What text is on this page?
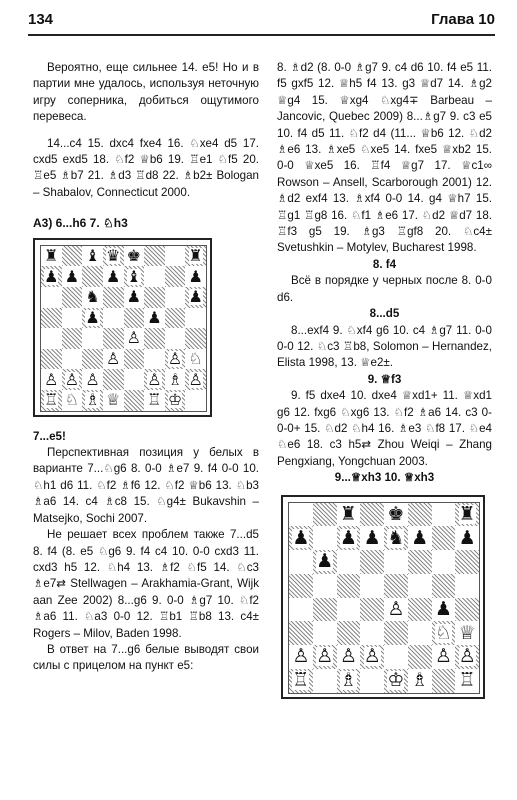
134	Глава 10

Вероятно, еще сильнее 14. е5! Но и в партии мне удалось, используя неточную игру соперника, добиться ощутимого перевеса.

14...c4 15. dxc4 fxe4 16. ♘xe4 d5 17. cxd5 exd5 18. ♘f2 ♕b6 19. ♖e1 ♘f5 20. ♖e5 ♗b7 21. ♗d3 ♖d8 22. ♗b2± Bologan – Shabalov, Connecticut 2000.

A3) 6...h6 7. ♘h3

♜ ♝ ♛ ♚	♜
♟ ♟ ♟ ♝	♟
♞ ♟	♟
♟	♟
♙
♙	♙ ♘
♙ ♙ ♙	♙ ♗ ♙
♖ ♘ ♗ ♕ ♖ ♔

7...e5!

Перспективная позиция у белых в варианте 7...♘g6 8. 0-0 ♗e7 9. f4 0-0 10. ♘h1 d6 11. ♘f2 ♗f6 12. ♘f2 ♕b6 13. ♘b3 ♗a6 14. c4 ♗c8 15. ♘g4± Bukavshin – Matsejko, Sochi 2007.

Не решает всех проблем также 7...d5 8. f4 (8. e5 ♘g6 9. f4 c4 10. 0-0 cxd3 11. cxd3 h5 12. ♘h4 13. ♗f2 ♘f5 14. ♘c3 ♗e7⇄ Stellwagen – Arakhamia-Grant, Wijk aan Zee 2002) 8...g6 9. 0-0 ♗g7 10. ♘f2 ♗a6 11. ♘a3 0-0 12. ♖b1 ♖b8 13. c4± Rogers – Milov, Baden 1998.

В ответ на 7...g6 белые выводят свои силы с прицелом на пункт е5:

8. ♗d2 (8. 0-0 ♗g7 9. c4 d6 10. f4 e5 11. f5 gxf5 12. ♕h5 f4 13. g3 ♕d7 14. ♗g2 ♕g4 15. ♕xg4 ♘xg4∓ Barbeau – Jancovic, Quebec 2009) 8...♗g7 9. c3 e5 10. f4 d5 11. ♘f2 d4 (11... ♕b6 12. ♘d2 ♗e6 13. ♗xe5 ♘xe5 14. fxe5 ♕xb2 15. 0-0 ♕xe5 16. ♖f4 ♕g7 17. ♕c1∞ Rowson – Ansell, Scarborough 2001) 12. ♗d2 exf4 13. ♗xf4 0-0 14. g4 ♕h7 15. ♖g1 ♖g8 16. ♘f1 ♗e6 17. ♘d2 ♕d7 18. ♖f3 g5 19. ♗g3 ♖gf8 20. ♘c4± Svetushkin – Motylev, Bucharest 1998.

8. f4

Всё в порядке у черных после 8. 0-0 d6.

8...d5

8...exf4 9. ♘xf4 g6 10. c4 ♗g7 11. 0-0 0-0 12. ♘c3 ♖b8, Solomon – Hernandez, Elista 1998, 13. ♕e2±.

9. ♕f3

9. f5 dxe4 10. dxe4 ♕xd1+ 11. ♕xd1 g6 12. fxg6 ♘xg6 13. ♘f2 ♗a6 14. c3 0-0-0+ 15. ♘d2 ♘h4 16. ♗e3 ♘f8 17. ♘e4 ♘e6 18. c3 h5⇄ Zhou Weiqi – Zhang Pengxiang, Yongchuan 2003.

9...♕xh3 10. ♕xh3

♜ ♚	♜
♟ ♟ ♟ ♞ ♟ ♟
♟
♙ ♟
♘ ♕
♙ ♙ ♙ ♙	♙ ♙
♖ ♗ ♔ ♗ ♖
